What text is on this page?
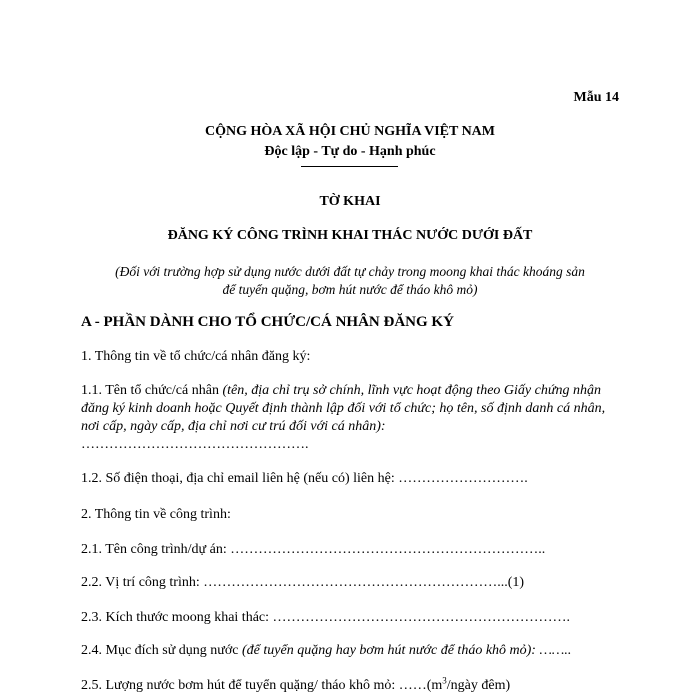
Mẫu 14
CỘNG HÒA XÃ HỘI CHỦ NGHĨA VIỆT NAM
Độc lập - Tự do - Hạnh phúc
TỜ KHAI
ĐĂNG KÝ CÔNG TRÌNH KHAI THÁC NƯỚC DƯỚI ĐẤT
(Đối với trường hợp sử dụng nước dưới đất tự chảy trong moong khai thác khoáng sản
để tuyển quặng, bơm hút nước để tháo khô mỏ)
A - PHẦN DÀNH CHO TỔ CHỨC/CÁ NHÂN ĐĂNG KÝ
1. Thông tin về tổ chức/cá nhân đăng ký:
1.1. Tên tổ chức/cá nhân (tên, địa chỉ trụ sở chính, lĩnh vực hoạt động theo Giấy chứng nhận đăng ký kinh doanh hoặc Quyết định thành lập đối với tổ chức; họ tên, số định danh cá nhân, nơi cấp, ngày cấp, địa chỉ nơi cư trú đối với cá nhân):
………………………………………….
1.2. Số điện thoại, địa chỉ email liên hệ (nếu có) liên hệ: ……………………….
2. Thông tin về công trình:
2.1. Tên công trình/dự án: …………………………………………………………..
2.2. Vị trí công trình: ………………………………………………………...(1)
2.3. Kích thước moong khai thác: ……………………………………………………….
2.4. Mục đích sử dụng nước (để tuyển quặng hay bơm hút nước để tháo khô mỏ): ……..
2.5. Lượng nước bơm hút để tuyển quặng/ tháo khô mỏ: $\dots\dots(m^3$/ngày đêm)
